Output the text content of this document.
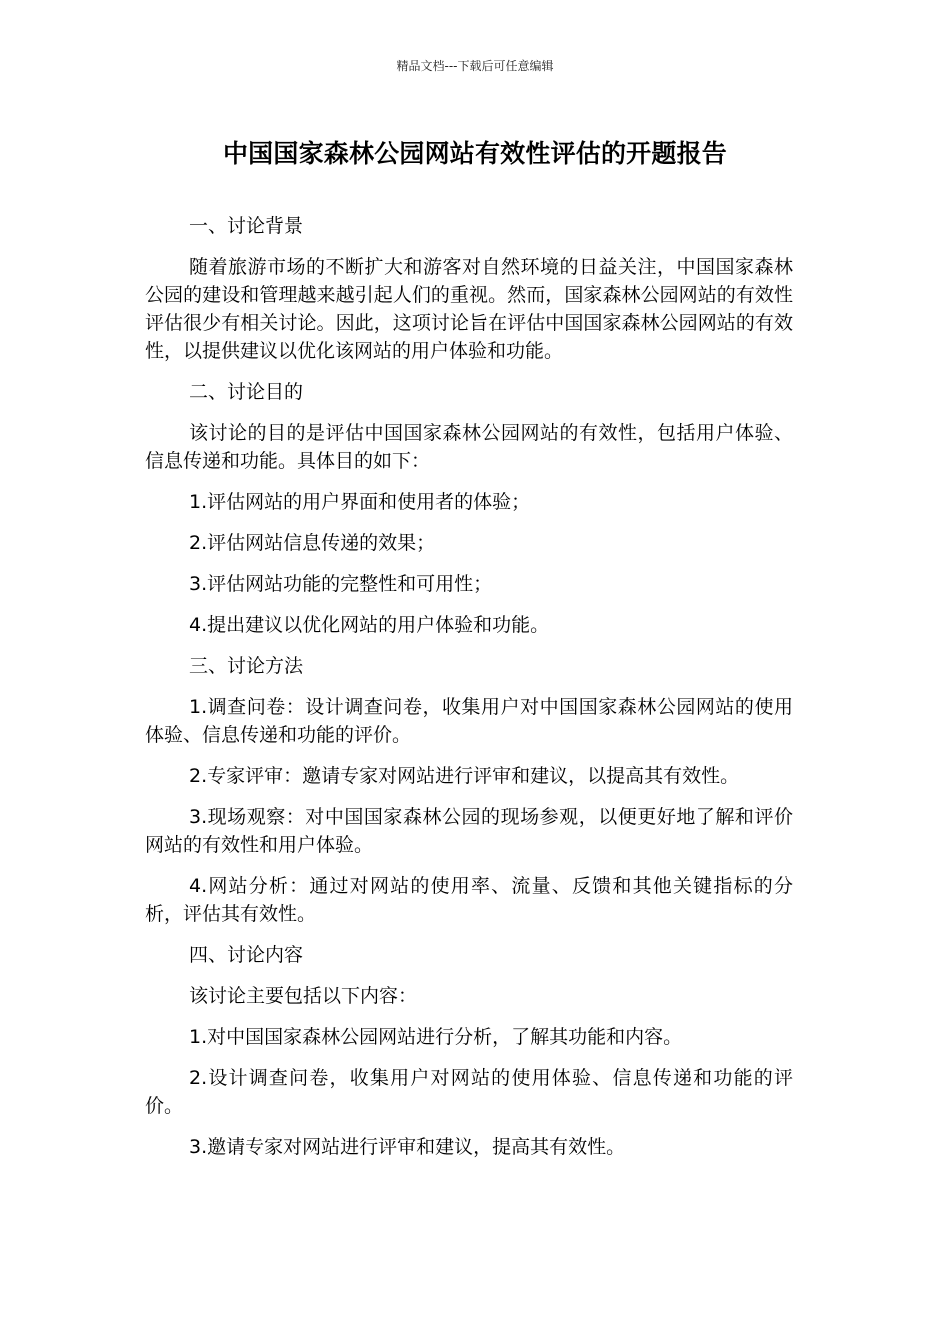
精品文档---下载后可任意编辑
中国国家森林公园网站有效性评估的开题报告

一、讨论背景

随着旅游市场的不断扩大和游客对自然环境的日益关注，中国国家森林公园的建设和管理越来越引起人们的重视。然而，国家森林公园网站的有效性评估很少有相关讨论。因此，这项讨论旨在评估中国国家森林公园网站的有效性，以提供建议以优化该网站的用户体验和功能。

二、讨论目的

该讨论的目的是评估中国国家森林公园网站的有效性，包括用户体验、信息传递和功能。具体目的如下：

1.评估网站的用户界面和使用者的体验；

2.评估网站信息传递的效果；

3.评估网站功能的完整性和可用性；

4.提出建议以优化网站的用户体验和功能。

三、讨论方法

1.调查问卷：设计调查问卷，收集用户对中国国家森林公园网站的使用体验、信息传递和功能的评价。

2.专家评审：邀请专家对网站进行评审和建议，以提高其有效性。

3.现场观察：对中国国家森林公园的现场参观，以便更好地了解和评价网站的有效性和用户体验。

4.网站分析：通过对网站的使用率、流量、反馈和其他关键指标的分析，评估其有效性。

四、讨论内容

该讨论主要包括以下内容：

1.对中国国家森林公园网站进行分析，了解其功能和内容。

2.设计调查问卷，收集用户对网站的使用体验、信息传递和功能的评价。

3.邀请专家对网站进行评审和建议，提高其有效性。
